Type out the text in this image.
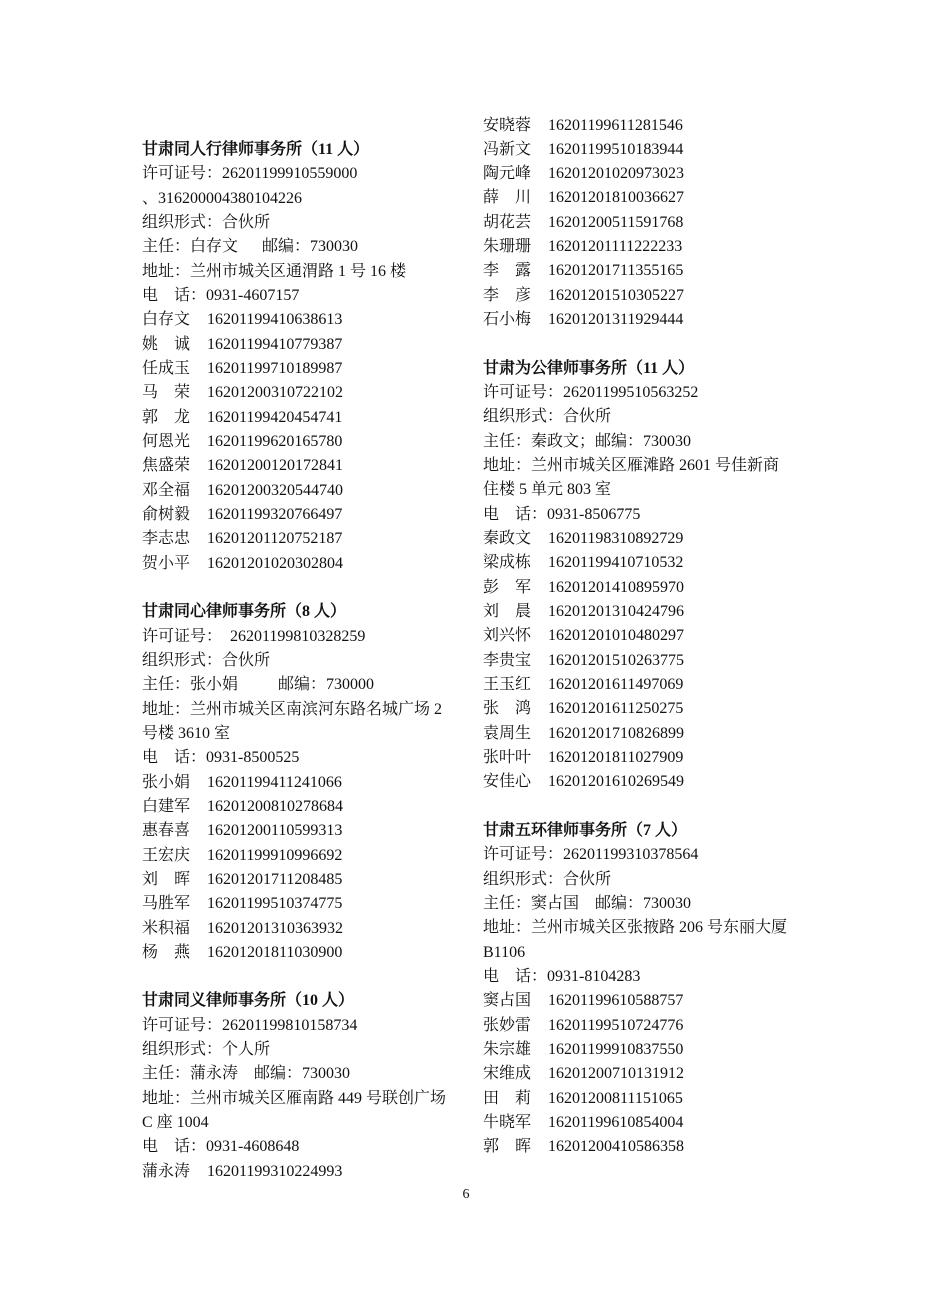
甘肃同人行律师事务所（11 人）
许可证号：26201199910559000
、316200004380104226
组织形式：合伙所
主任：白存文　  邮编：730030
地址：兰州市城关区通渭路 1 号 16 楼
电　话：0931-4607157
白存文 16201199410638613
姚　诚 16201199410779387
任成玉 16201199710189987
马　荣 16201200310722102
郭　龙 16201199420454741
何恩光 16201199620165780
焦盛荣 16201200120172841
邓全福 16201200320544740
俞树毅 16201199320766497
李志忠 16201201120752187
贺小平 16201201020302804
甘肃同心律师事务所（8 人）
许可证号：  26201199810328259
组织形式：合伙所
主任：张小娟　　  邮编：730000
地址：兰州市城关区南滨河东路名城广场 2
号楼 3610 室
电　话：0931-8500525
张小娟 16201199411241066
白建军 16201200810278684
惠春喜 16201200110599313
王宏庆 16201199910996692
刘　晖 16201201711208485
马胜军 16201199510374775
米积福 16201201310363932
杨　燕 16201201811030900
甘肃同义律师事务所（10 人）
许可证号：26201199810158734
组织形式：个人所
主任：蒲永涛　邮编：730030
地址：兰州市城关区雁南路 449 号联创广场
C 座 1004
电　话：0931-4608648
蒲永涛 16201199310224993
安晓蓉 16201199611281546
冯新文 16201199510183944
陶元峰 16201201020973023
薛　川 16201201810036627
胡花芸 16201200511591768
朱珊珊 16201201111222233
李　露 16201201711355165
李　彦 16201201510305227
石小梅 16201201311929444
甘肃为公律师事务所（11 人）
许可证号：26201199510563252
组织形式：合伙所
主任：秦政文；邮编：730030
地址：兰州市城关区雁滩路 2601 号佳新商
住楼 5 单元 803 室
电　话：0931-8506775
秦政文 16201198310892729
梁成栋 16201199410710532
彭　军 16201201410895970
刘　晨 16201201310424796
刘兴怀 16201201010480297
李贵宝 16201201510263775
王玉红 16201201611497069
张　鸿 16201201611250275
袁周生 16201201710826899
张叶叶 16201201811027909
安佳心 16201201610269549
甘肃五环律师事务所（7 人）
许可证号：26201199310378564
组织形式：合伙所
主任：窦占国　邮编：730030
地址：兰州市城关区张掖路 206 号东丽大厦
B1106
电　话：0931-8104283
窦占国 16201199610588757
张妙雷 16201199510724776
朱宗雄 16201199910837550
宋维成 16201200710131912
田　莉 16201200811151065
牛晓军 16201199610854004
郭　晖 16201200410586358
6
